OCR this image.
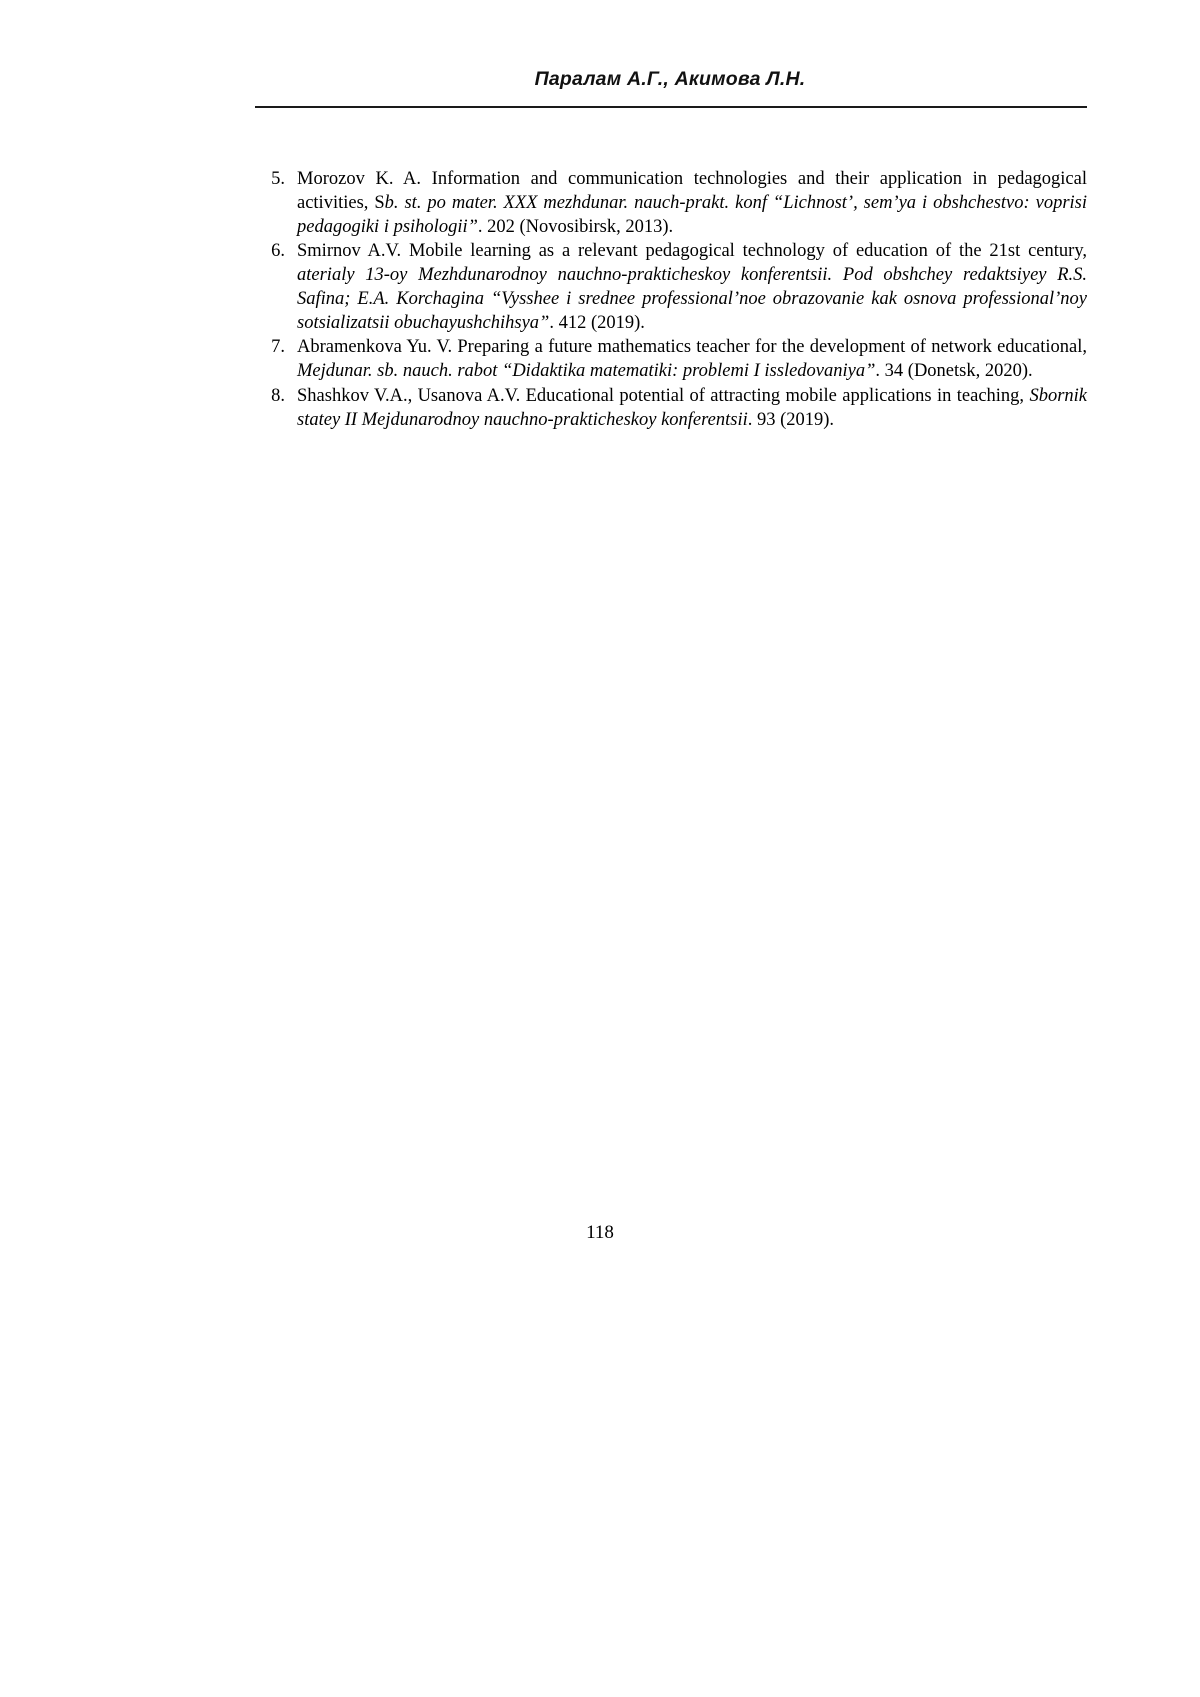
Паралам А.Г., Акимова Л.Н.
5. Morozov K. A. Information and communication technologies and their application in pedagogical activities, Sb. st. po mater. XXX mezhdunar. nauch-prakt. konf “Lichnost’, sem’ya i obshchestvo: voprisi pedagogiki i psihologii”. 202 (Novosibirsk, 2013).
6. Smirnov A.V. Mobile learning as a relevant pedagogical technology of education of the 21st century, aterialy 13-oy Mezhdunarodnoy nauchno-prakticheskoy konferentsii. Pod obshchey redaktsiyey R.S. Safina; E.A. Korchagina “Vysshee i srednee professional’noe obrazovanie kak osnova professional’noy sotsializatsii obuchayushchihsya”. 412 (2019).
7. Abramenkova Yu. V. Preparing a future mathematics teacher for the development of network educational, Mejdunar. sb. nauch. rabot “Didaktika matematiki: problemi I issledovaniya”. 34 (Donetsk, 2020).
8. Shashkov V.A., Usanova A.V. Educational potential of attracting mobile applications in teaching, Sbornik statey II Mejdunarodnoy nauchno-prakticheskoy konferentsii. 93 (2019).
118
